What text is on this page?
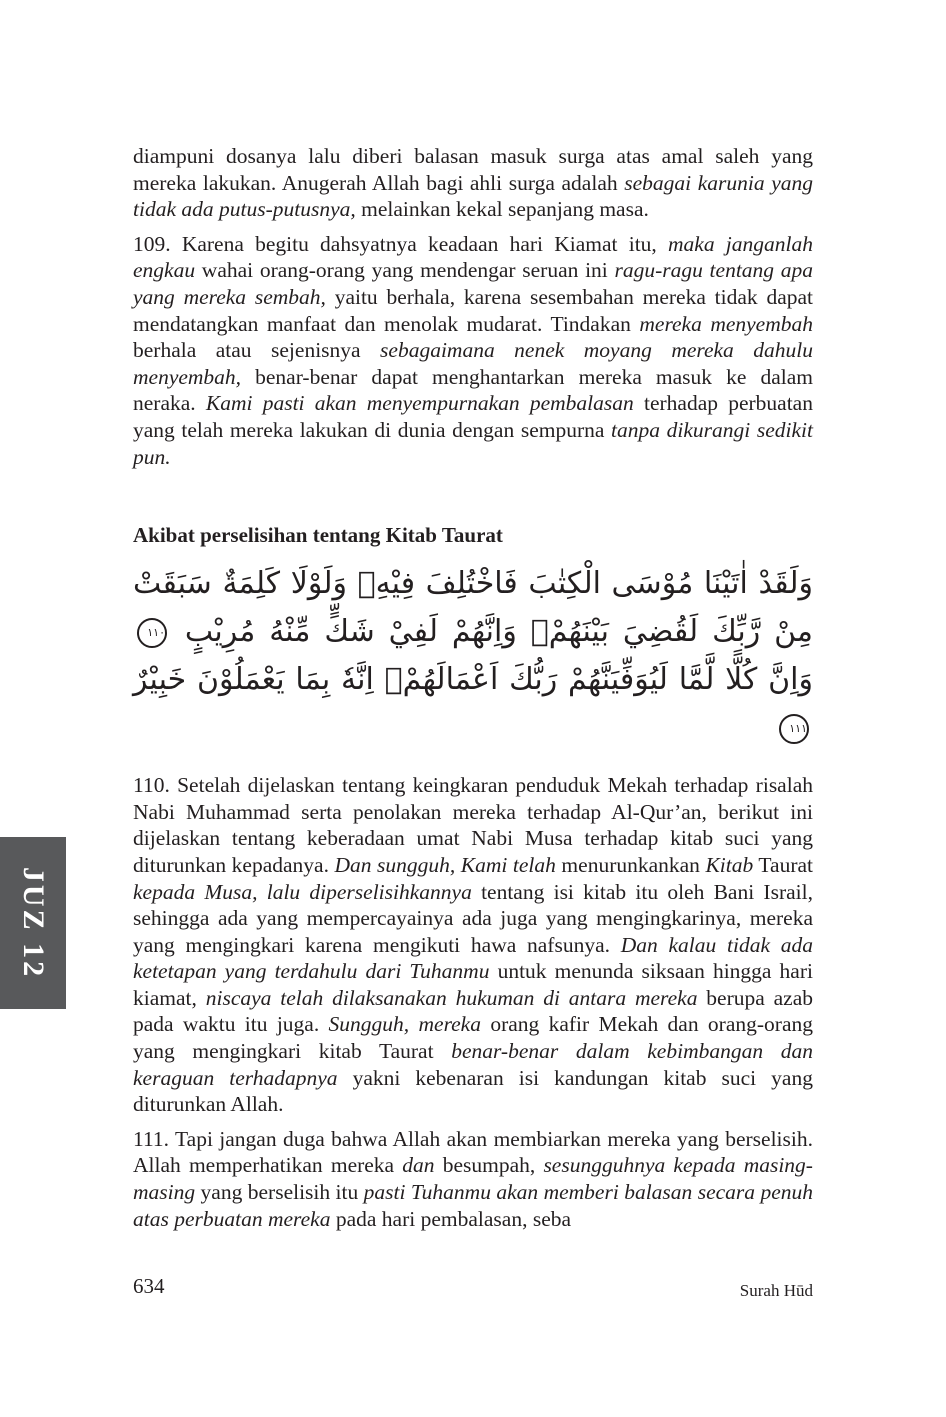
diampuni dosanya lalu diberi balasan masuk surga atas amal saleh yang mereka lakukan. Anugerah Allah bagi ahli surga adalah sebagai karunia yang tidak ada putus-putusnya, melainkan kekal sepanjang masa.

109. Karena begitu dahsyatnya keadaan hari Kiamat itu, maka janganlah engkau wahai orang-orang yang mendengar seruan ini ragu-ragu tentang apa yang mereka sembah, yaitu berhala, karena sesembahan mereka tidak dapat mendatangkan manfaat dan menolak mudarat. Tindakan mereka menyembah berhala atau sejenisnya sebagaimana nenek moyang mereka dahulu menyembah, benar-benar dapat menghantarkan mereka masuk ke dalam neraka. Kami pasti akan menyempurnakan pembalasan terhadap perbuatan yang telah mereka lakukan di dunia dengan sempurna tanpa dikurangi sedikit pun.

Akibat perselisihan tentang Kitab Taurat
وَلَقَدْ اٰتَيْنَا مُوْسَى الْكِتٰبَ فَاخْتُلِفَ فِيْهِۗ وَلَوْلَا كَلِمَةٌ سَبَقَتْ مِنْ رَّبِّكَ لَقُضِيَ بَيْنَهُمْۗ وَاِنَّهُمْ لَفِيْ شَكٍّ مِّنْهُ مُرِيْبٍ ١١٠ وَاِنَّ كُلًّا لَّمَّا لَيُوَفِّيَنَّهُمْ رَبُّكَ اَعْمَالَهُمْۗ اِنَّهٗ بِمَا يَعْمَلُوْنَ خَبِيْرٌ ١١١

110. Setelah dijelaskan tentang keingkaran penduduk Mekah terhadap risalah Nabi Muhammad serta penolakan mereka terhadap Al-Qur’an, berikut ini dijelaskan tentang keberadaan umat Nabi Musa terhadap kitab suci yang diturunkan kepadanya. Dan sungguh, Kami telah menurunkankan Kitab Taurat kepada Musa, lalu diperselisihkannya tentang isi kitab itu oleh Bani Israil, sehingga ada yang mempercayainya ada juga yang mengingkarinya, mereka yang mengingkari karena mengikuti hawa nafsunya. Dan kalau tidak ada ketetapan yang terdahulu dari Tuhanmu untuk menunda siksaan hingga hari kiamat, niscaya telah dilaksanakan hukuman di antara mereka berupa azab pada waktu itu juga. Sungguh, mereka orang kafir Mekah dan orang-orang yang mengingkari kitab Taurat benar-benar dalam kebimbangan dan keraguan terhadapnya yakni kebenaran isi kandungan kitab suci yang diturunkan Allah.

111. Tapi jangan duga bahwa Allah akan membiarkan mereka yang berselisih. Allah memperhatikan mereka dan besumpah, sesungguhnya kepada masing-masing yang berselisih itu pasti Tuhanmu akan memberi balasan secara penuh atas perbuatan mereka pada hari pembalasan, seba

JUZ 12
634	Surah Hūd
